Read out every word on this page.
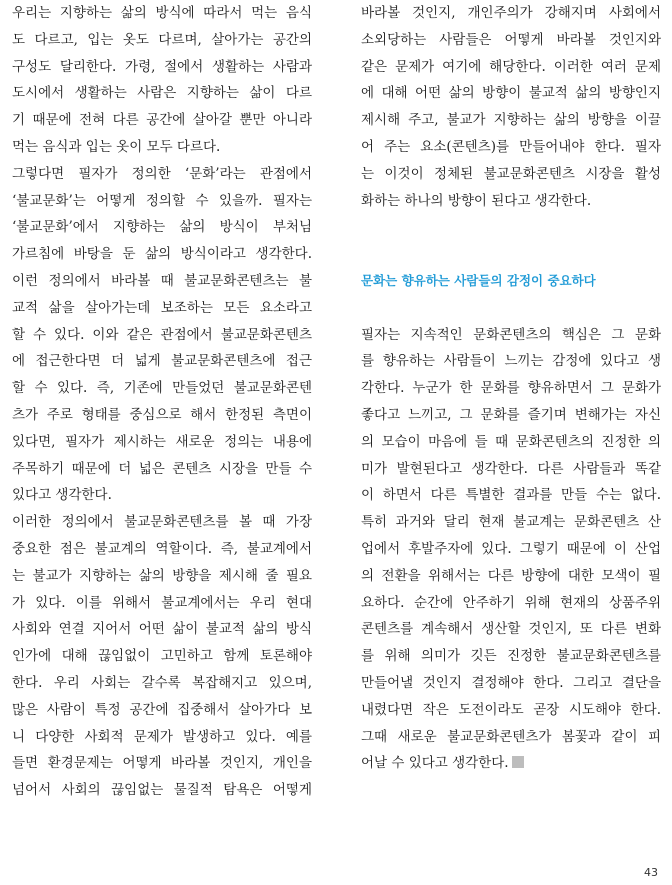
우리는 지향하는 삶의 방식에 따라서 먹는 음식
도 다르고, 입는 옷도 다르며, 살아가는 공간의
구성도 달리한다. 가령, 절에서 생활하는 사람과
도시에서 생활하는 사람은 지향하는 삶이 다르
기 때문에 전혀 다른 공간에 살아갈 뿐만 아니라
먹는 음식과 입는 옷이 모두 다르다.
그렇다면 필자가 정의한 ‘문화’라는 관점에서
‘불교문화’는 어떻게 정의할 수 있을까. 필자는
‘불교문화’에서 지향하는 삶의 방식이 부처님
가르침에 바탕을 둔 삶의 방식이라고 생각한다.
이런 정의에서 바라볼 때 불교문화콘텐츠는 불
교적 삶을 살아가는데 보조하는 모든 요소라고
할 수 있다. 이와 같은 관점에서 불교문화콘텐츠
에 접근한다면 더 넓게 불교문화콘텐츠에 접근
할 수 있다. 즉, 기존에 만들었던 불교문화콘텐
츠가 주로 형태를 중심으로 해서 한정된 측면이
있다면, 필자가 제시하는 새로운 정의는 내용에
주목하기 때문에 더 넓은 콘텐츠 시장을 만들 수
있다고 생각한다.
이러한 정의에서 불교문화콘텐츠를 볼 때 가장
중요한 점은 불교계의 역할이다. 즉, 불교계에서
는 불교가 지향하는 삶의 방향을 제시해 줄 필요
가 있다. 이를 위해서 불교계에서는 우리 현대
사회와 연결 지어서 어떤 삶이 불교적 삶의 방식
인가에 대해 끊임없이 고민하고 함께 토론해야
한다. 우리 사회는 갈수록 복잡해지고 있으며,
많은 사람이 특정 공간에 집중해서 살아가다 보
니 다양한 사회적 문제가 발생하고 있다. 예를
들면 환경문제는 어떻게 바라볼 것인지, 개인을
넘어서 사회의 끊임없는 물질적 탐욕은 어떻게
바라볼 것인지, 개인주의가 강해지며 사회에서
소외당하는 사람들은 어떻게 바라볼 것인지와
같은 문제가 여기에 해당한다. 이러한 여러 문제
에 대해 어떤 삶의 방향이 불교적 삶의 방향인지
제시해 주고, 불교가 지향하는 삶의 방향을 이끌
어 주는 요소(콘텐츠)를 만들어내야 한다. 필자
는 이것이 정체된 불교문화콘텐츠 시장을 활성
화하는 하나의 방향이 된다고 생각한다.
문화는 향유하는 사람들의 감정이 중요하다
필자는 지속적인 문화콘텐츠의 핵심은 그 문화
를 향유하는 사람들이 느끼는 감정에 있다고 생
각한다. 누군가 한 문화를 향유하면서 그 문화가
좋다고 느끼고, 그 문화를 즐기며 변해가는 자신
의 모습이 마음에 들 때 문화콘텐츠의 진정한 의
미가 발현된다고 생각한다. 다른 사람들과 똑같
이 하면서 다른 특별한 결과를 만들 수는 없다.
특히 과거와 달리 현재 불교계는 문화콘텐츠 산
업에서 후발주자에 있다. 그렇기 때문에 이 산업
의 전환을 위해서는 다른 방향에 대한 모색이 필
요하다. 순간에 안주하기 위해 현재의 상품주위
콘텐츠를 계속해서 생산할 것인지, 또 다른 변화
를 위해 의미가 깃든 진정한 불교문화콘텐츠를
만들어낼 것인지 결정해야 한다. 그리고 결단을
내렸다면 작은 도전이라도 곧장 시도해야 한다.
그때 새로운 불교문화콘텐츠가 봄꽃과 같이 피
어날 수 있다고 생각한다.
43
